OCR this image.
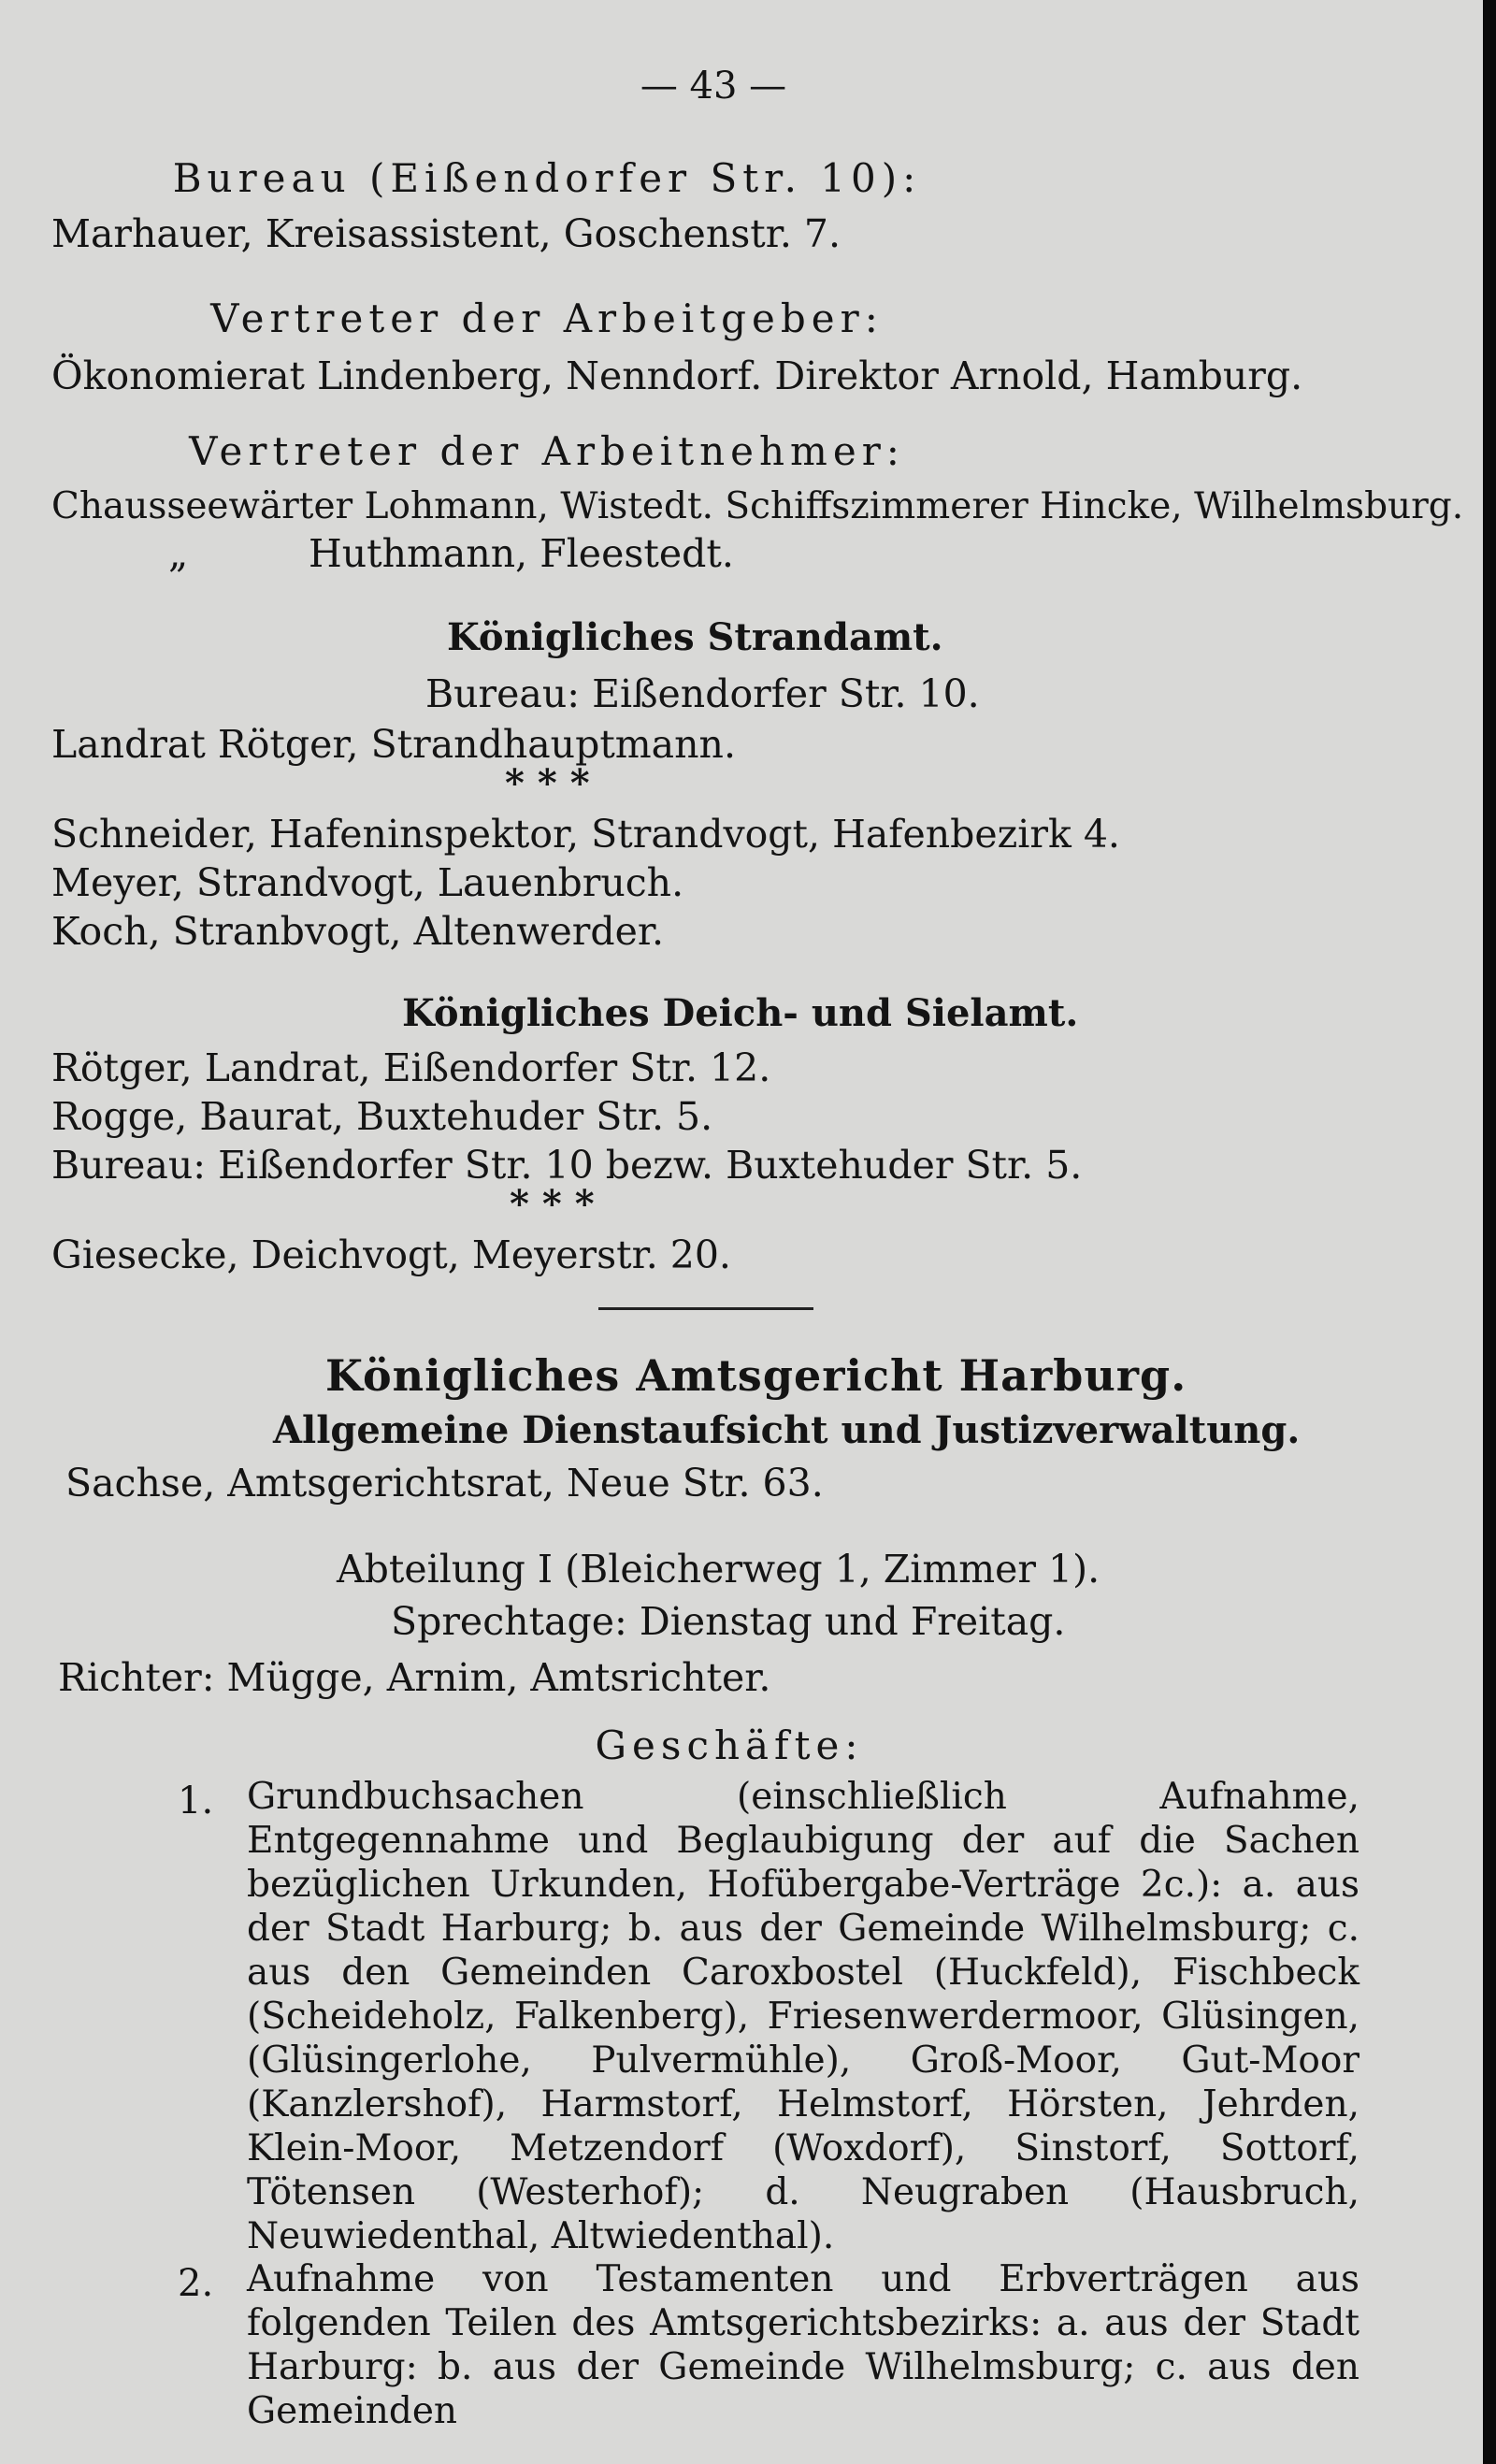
— 43 —
Bureau (Eißendorfer Str. 10):
Marhauer, Kreisassistent, Goschenstr. 7.
Vertreter der Arbeitgeber:
Ökonomierat Lindenberg, Nenndorf. Direktor Arnold, Hamburg.
Vertreter der Arbeitnehmer:
Chausseewärter Lohmann, Wistedt. Schiffszimmerer Hincke, Wilhelmsburg.
„	Huthmann, Fleestedt.
Königliches Strandamt.
Bureau: Eißendorfer Str. 10.
Landrat Rötger, Strandhauptmann.
* * *
Schneider, Hafeninspektor, Strandvogt, Hafenbezirk 4.
Meyer, Strandvogt, Lauenbruch.
Koch, Stranbvogt, Altenwerder.
Königliches Deich- und Sielamt.
Rötger, Landrat, Eißendorfer Str. 12.
Rogge, Baurat, Buxtehuder Str. 5.
Bureau: Eißendorfer Str. 10 bezw. Buxtehuder Str. 5.
* * *
Giesecke, Deichvogt, Meyerstr. 20.
Königliches Amtsgericht Harburg.
Allgemeine Dienstaufsicht und Justizverwaltung.
Sachse, Amtsgerichtsrat, Neue Str. 63.
Abteilung I (Bleicherweg 1, Zimmer 1).
Sprechtage: Dienstag und Freitag.
Richter: Mügge, Arnim, Amtsrichter.
Geschäfte:
1. Grundbuchsachen (einschließlich Aufnahme, Entgegennahme und Beglaubigung der auf die Sachen bezüglichen Urkunden, Hofübergabe-Verträge 2c.): a. aus der Stadt Harburg; b. aus der Gemeinde Wilhelmsburg; c. aus den Gemeinden Caroxbostel (Huckfeld), Fischbeck (Scheideholz, Falkenberg), Friesenwerdermoor, Glüsingen, (Glüsingerlohe, Pulvermühle), Groß-Moor, Gut-Moor (Kanzlershof), Harmstorf, Helmstorf, Hörsten, Jehrden, Klein-Moor, Metzendorf (Woxdorf), Sinstorf, Sottorf, Tötensen (Westerhof); d. Neugraben (Hausbruch, Neuwiedenthal, Altwiedenthal).
2. Aufnahme von Testamenten und Erbverträgen aus folgenden Teilen des Amtsgerichtsbezirks: a. aus der Stadt Harburg: b. aus der Gemeinde Wilhelmsburg; c. aus den Gemeinden
